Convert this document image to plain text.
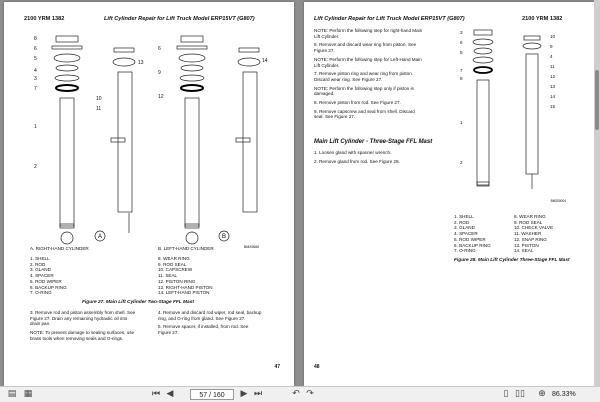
2100 YRM 1382	Lift Cylinder Repair for Lift Truck Model ERP15VT (G807)
A	B
BM20660
8
6
5
4
7
3
10
11
1
2
13
6
14
9
12
A. RIGHT-HAND CYLINDER	B. LEFT-HAND CYLINDER
1. SHELL
2. ROD
3. GLAND
4. SPACER
5. ROD WIPER
6. BACKUP RING
7. O-RING
8. WEAR RING
9. ROD SEAL
10. CAPSCREW
11. SEAL
12. PISTON RING
13. RIGHT-HAND PISTON
14. LEFT-HAND PISTON
Figure 27. Main Lift Cylinder Two-Stage FFL Mast
3. Remove rod and piston assembly from shell. See
Figure 27. Drain any remaining hydraulic oil into
drain pan.
NOTE: To prevent damage to sealing surfaces, use
brass tools when removing seals and O-rings.
4. Remove and discard rod wiper, rod seal, backup
ring, and O-ring from gland. See Figure 27.
5. Remove spacer, if installed, from rod. See
Figure 27.
47
Lift Cylinder Repair for Lift Truck Model ERP15VT (G807)	2100 YRM 1382
NOTE: Perform the following step for right-hand Main
Lift Cylinder.
6. Remove and discard wear ring from piston. See
Figure 27.
NOTE: Perform the following step for Left-Hand Main
Lift Cylinder.
7. Remove piston ring and wear ring from piston.
Discard wear ring. See Figure 27.
NOTE: Perform the following step only if piston is
damaged.
8. Remove piston from rod. See Figure 27.
9. Remove capscrew and seal from shell. Discard
seal. See Figure 27.
Main Lift Cylinder - Three-Stage FFL Mast
1. Loosen gland with spanner wrench.
2. Remove gland from rod. See Figure 28.
BM200004
3
6
7
5
8
1
2
10
9
4
11
12
13
14
15
1. SHELL
2. ROD
3. GLAND
4. SPACER
5. ROD WIPER
6. BACKUP RING
7. O-RING
8. WEAR RING
9. ROD SEAL
10. CHECK VALVE
11. WASHER
12. SNAP RING
13. PISTON
14. SEAL
Figure 28. Main Lift Cylinder Three-Stage FFL Mast
48
▤ ▦	⏮ ◀	57 / 160	▶ ⏭	↶ ↷	▯ ▯▯ ⊕ 86.33%
